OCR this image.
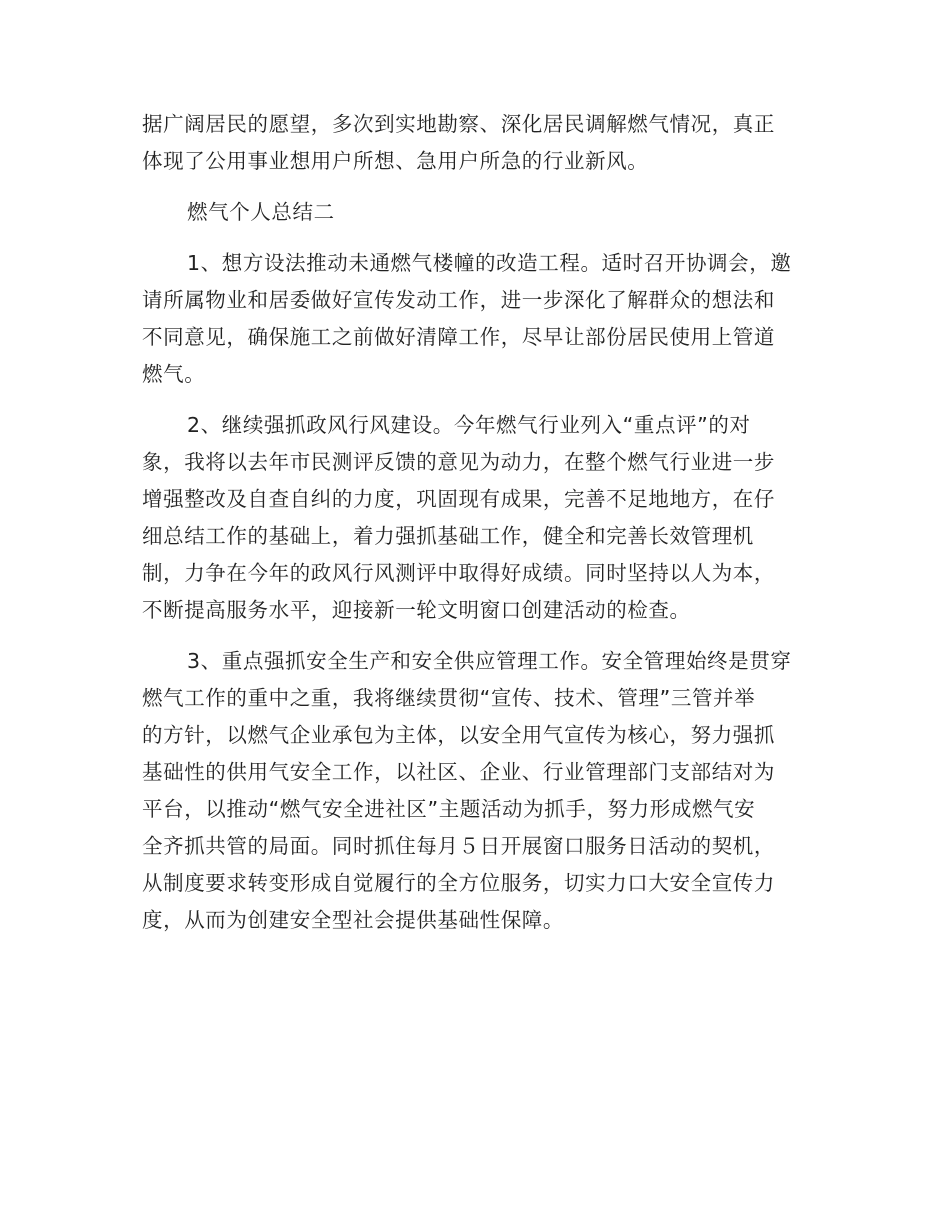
据广阔居民的愿望，多次到实地勘察、深化居民调解燃气情况，真正
体现了公用事业想用户所想、急用户所急的行业新风。
燃气个人总结二
1、想方设法推动未通燃气楼幢的改造工程。适时召开协调会，邀
请所属物业和居委做好宣传发动工作，进一步深化了解群众的想法和
不同意见，确保施工之前做好清障工作，尽早让部份居民使用上管道
燃气。
2、继续强抓政风行风建设。今年燃气行业列入“重点评”的对
象，我将以去年市民测评反馈的意见为动力，在整个燃气行业进一步
增强整改及自查自纠的力度，巩固现有成果，完善不足地地方，在仔
细总结工作的基础上，着力强抓基础工作，健全和完善长效管理机
制，力争在今年的政风行风测评中取得好成绩。同时坚持以人为本，
不断提高服务水平，迎接新一轮文明窗口创建活动的检查。
3、重点强抓安全生产和安全供应管理工作。安全管理始终是贯穿
燃气工作的重中之重，我将继续贯彻“宣传、技术、管理”三管并举
的方针，以燃气企业承包为主体，以安全用气宣传为核心，努力强抓
基础性的供用气安全工作，以社区、企业、行业管理部门支部结对为
平台，以推动“燃气安全进社区”主题活动为抓手，努力形成燃气安
全齐抓共管的局面。同时抓住每月５日开展窗口服务日活动的契机，
从制度要求转变形成自觉履行的全方位服务，切实力口大安全宣传力
度，从而为创建安全型社会提供基础性保障。
